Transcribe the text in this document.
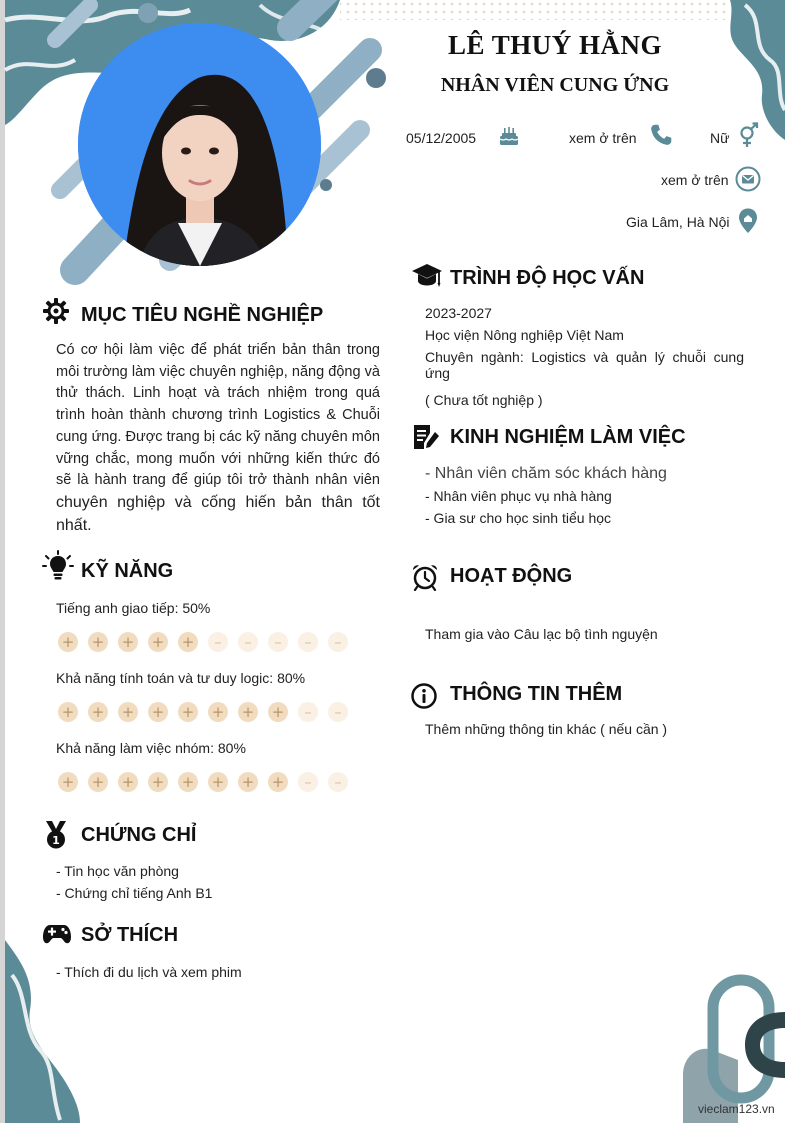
LÊ THUÝ HẰNG
NHÂN VIÊN CUNG ỨNG
05/12/2005	xem ở trên	Nữ
xem ở trên
Gia Lâm, Hà Nội
MỤC TIÊU NGHỀ NGHIỆP
Có cơ hội làm việc để phát triển bản thân trong môi trường làm việc chuyên nghiệp, năng động và thử thách. Linh hoạt và trách nhiệm trong quá trình hoàn thành chương trình Logistics & Chuỗi cung ứng. Được trang bị các kỹ năng chuyên môn vững chắc, mong muốn với những kiến thức đó sẽ là hành trang để giúp tôi trở thành nhân viên chuyên nghiệp và cống hiến bản thân tốt nhất.
KỸ NĂNG
Tiếng anh giao tiếp: 50%
+ + + + +	–	–	–	–	–
Khả năng tính toán và tư duy logic: 80%
+ + + + + + + +	–	–
Khả năng làm việc nhóm: 80%
+ + + + + + + +	–	–
1 CHỨNG CHỈ
- Tin học văn phòng
- Chứng chỉ tiếng Anh B1
SỞ THÍCH
- Thích đi du lịch và xem phim
TRÌNH ĐỘ HỌC VẤN
2023-2027
Học viện Nông nghiệp Việt Nam
Chuyên ngành: Logistics và quản lý chuỗi cung
ứng
( Chưa tốt nghiệp )
KINH NGHIỆM LÀM VIỆC
- Nhân viên chăm sóc khách hàng
- Nhân viên phục vụ nhà hàng
- Gia sư cho học sinh tiểu học
HOẠT ĐỘNG
Tham gia vào Câu lạc bộ tình nguyện
THÔNG TIN THÊM
Thêm những thông tin khác ( nếu cần )
vieclam123.vn
